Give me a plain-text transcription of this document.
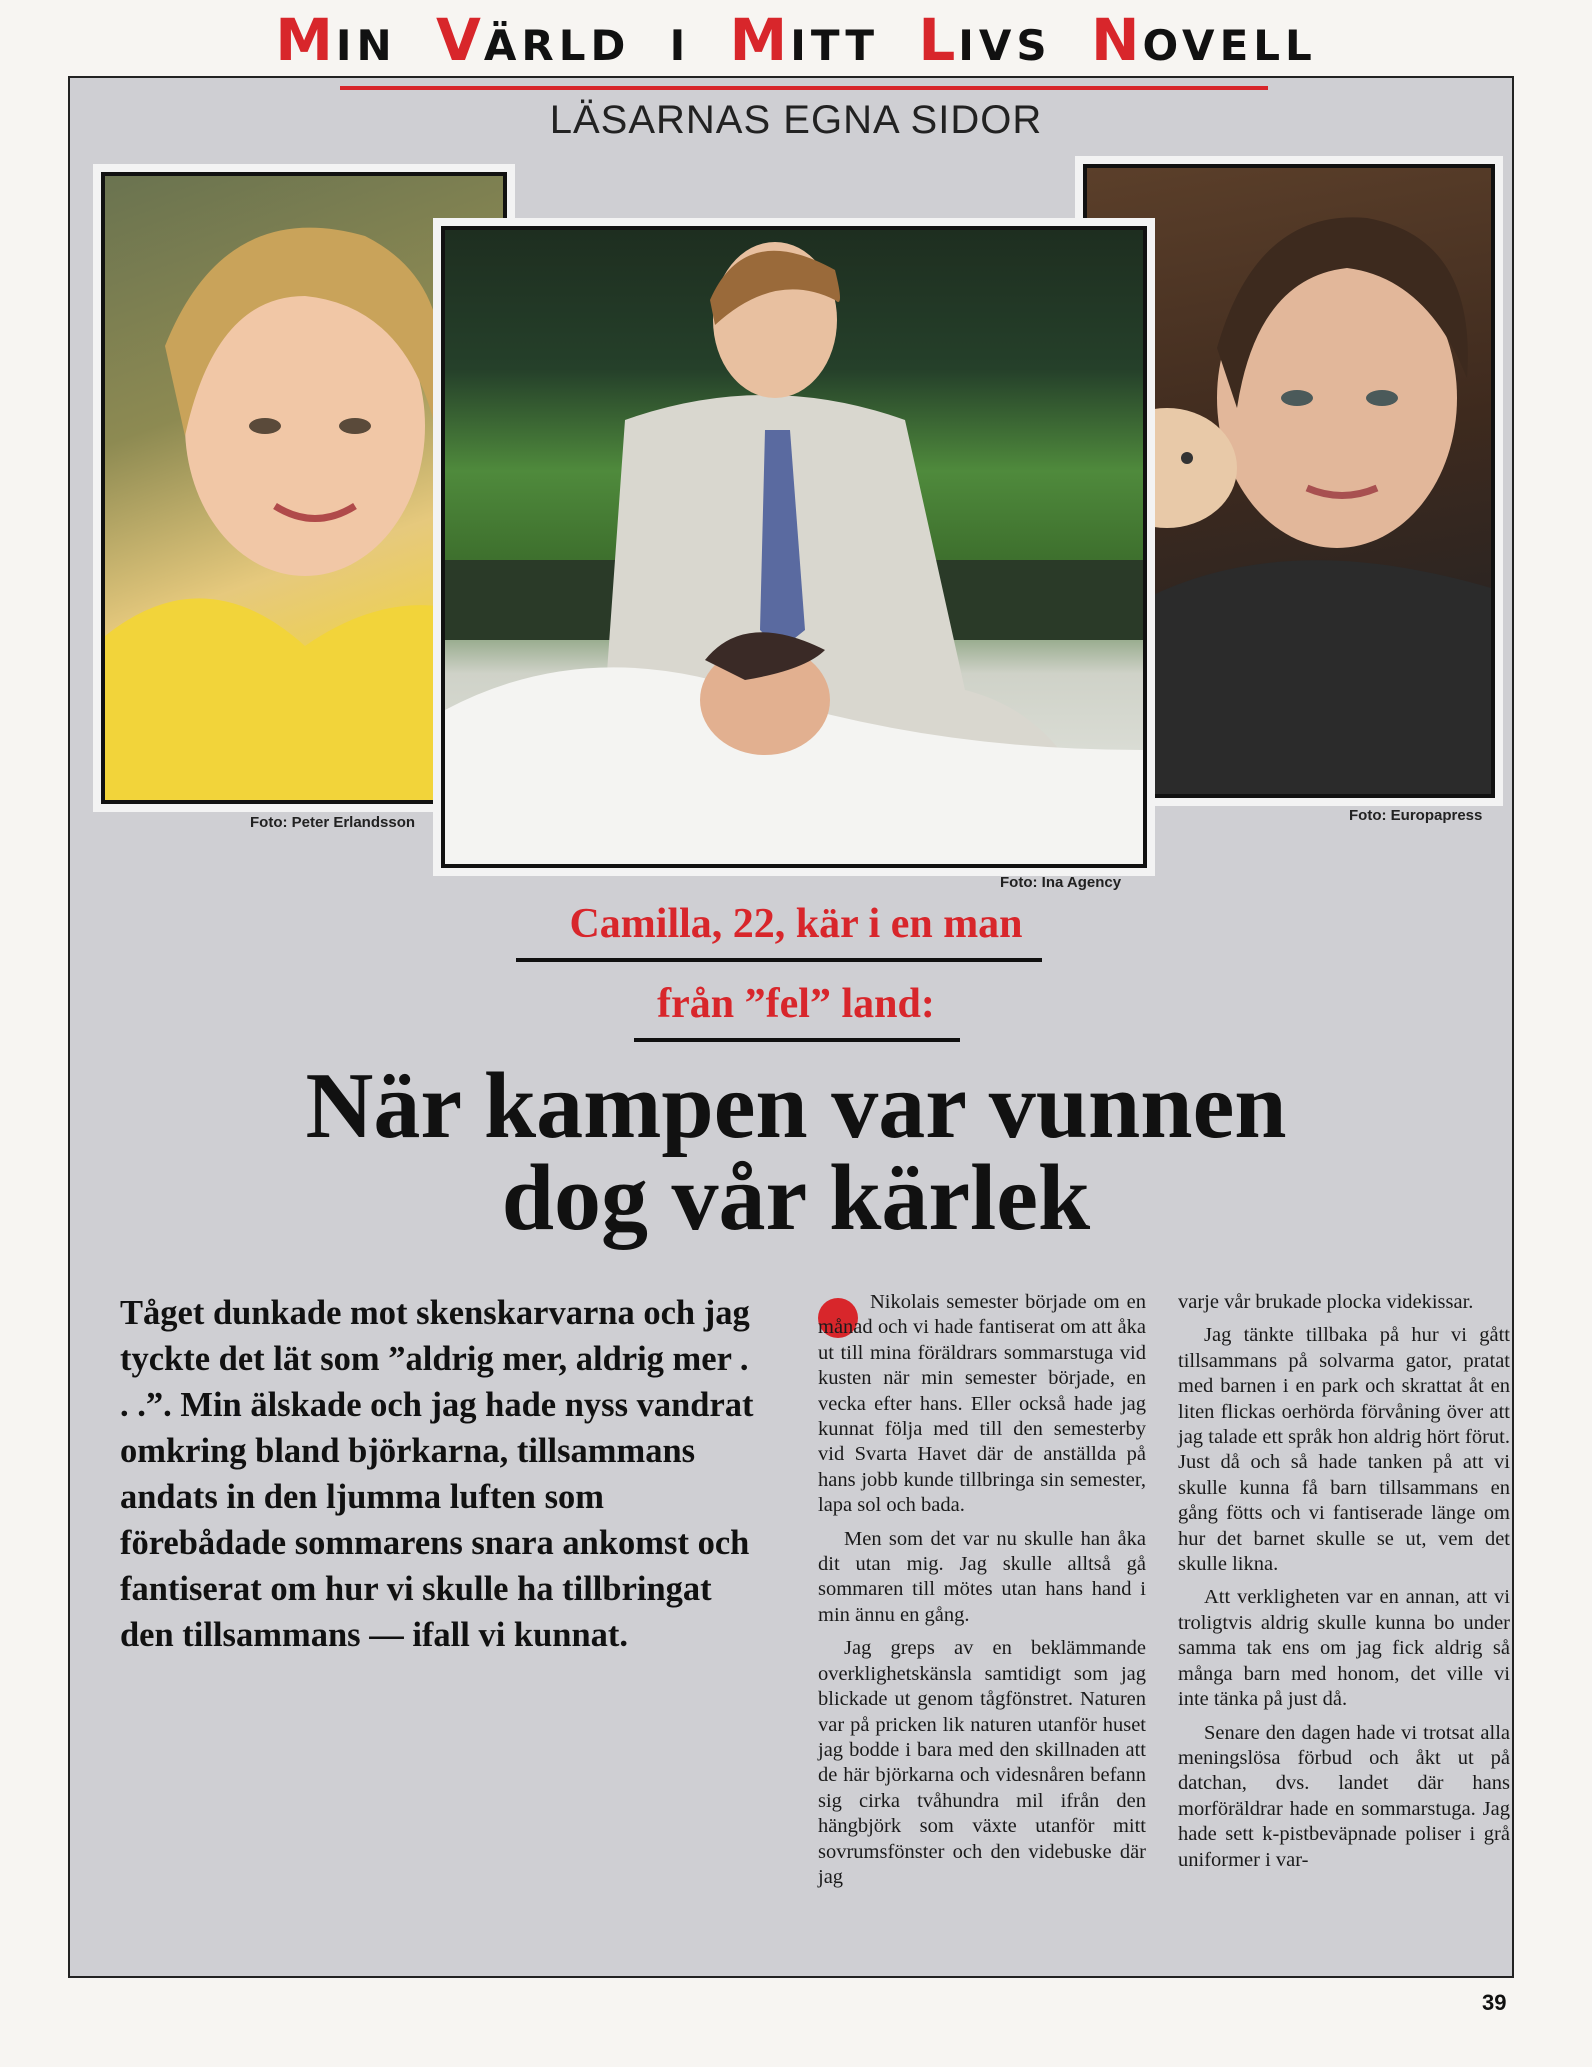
MIN VÄRLD I MITT LIVS NOVELL
LÄSARNAS EGNA SIDOR
Foto: Peter Erlandsson
Foto: Ina Agency
Foto: Europapress
Camilla, 22, kär i en man
från ”fel” land:
När kampen var vunnen
dog vår kärlek
Tåget dunkade mot skenskarvarna och jag tyckte det lät som ”aldrig mer, aldrig mer . . .”. Min älskade och jag hade nyss vandrat omkring bland björkarna, tillsammans andats in den ljumma luften som förebådade sommarens snara ankomst och fantiserat om hur vi skulle ha tillbringat den tillsammans — ifall vi kunnat.

Nikolais semester började om en månad och vi hade fantiserat om att åka ut till mina föräldrars sommarstuga vid kusten när min semester började, en vecka efter hans. Eller också hade jag kunnat följa med till den semesterby vid Svarta Havet där de anställda på hans jobb kunde tillbringa sin semester, lapa sol och bada.

Men som det var nu skulle han åka dit utan mig. Jag skulle alltså gå sommaren till mötes utan hans hand i min ännu en gång.

Jag greps av en beklämmande overklighetskänsla samtidigt som jag blickade ut genom tågfönstret. Naturen var på pricken lik naturen utanför huset jag bodde i bara med den skillnaden att de här björkarna och videsnåren befann sig cirka tvåhundra mil ifrån den hängbjörk som växte utanför mitt sovrumsfönster och den videbuske där jag

varje vår brukade plocka videkissar.

Jag tänkte tillbaka på hur vi gått tillsammans på solvarma gator, pratat med barnen i en park och skrattat åt en liten flickas oerhörda förvåning över att jag talade ett språk hon aldrig hört förut. Just då och så hade tanken på att vi skulle kunna få barn tillsammans en gång fötts och vi fantiserade länge om hur det barnet skulle se ut, vem det skulle likna.

Att verkligheten var en annan, att vi troligtvis aldrig skulle kunna bo under samma tak ens om jag fick aldrig så många barn med honom, det ville vi inte tänka på just då.

Senare den dagen hade vi trotsat alla meningslösa förbud och åkt ut på datchan, dvs. landet där hans morföräldrar hade en sommarstuga. Jag hade sett k-pistbeväpnade poliser i grå uniformer i var-

39
